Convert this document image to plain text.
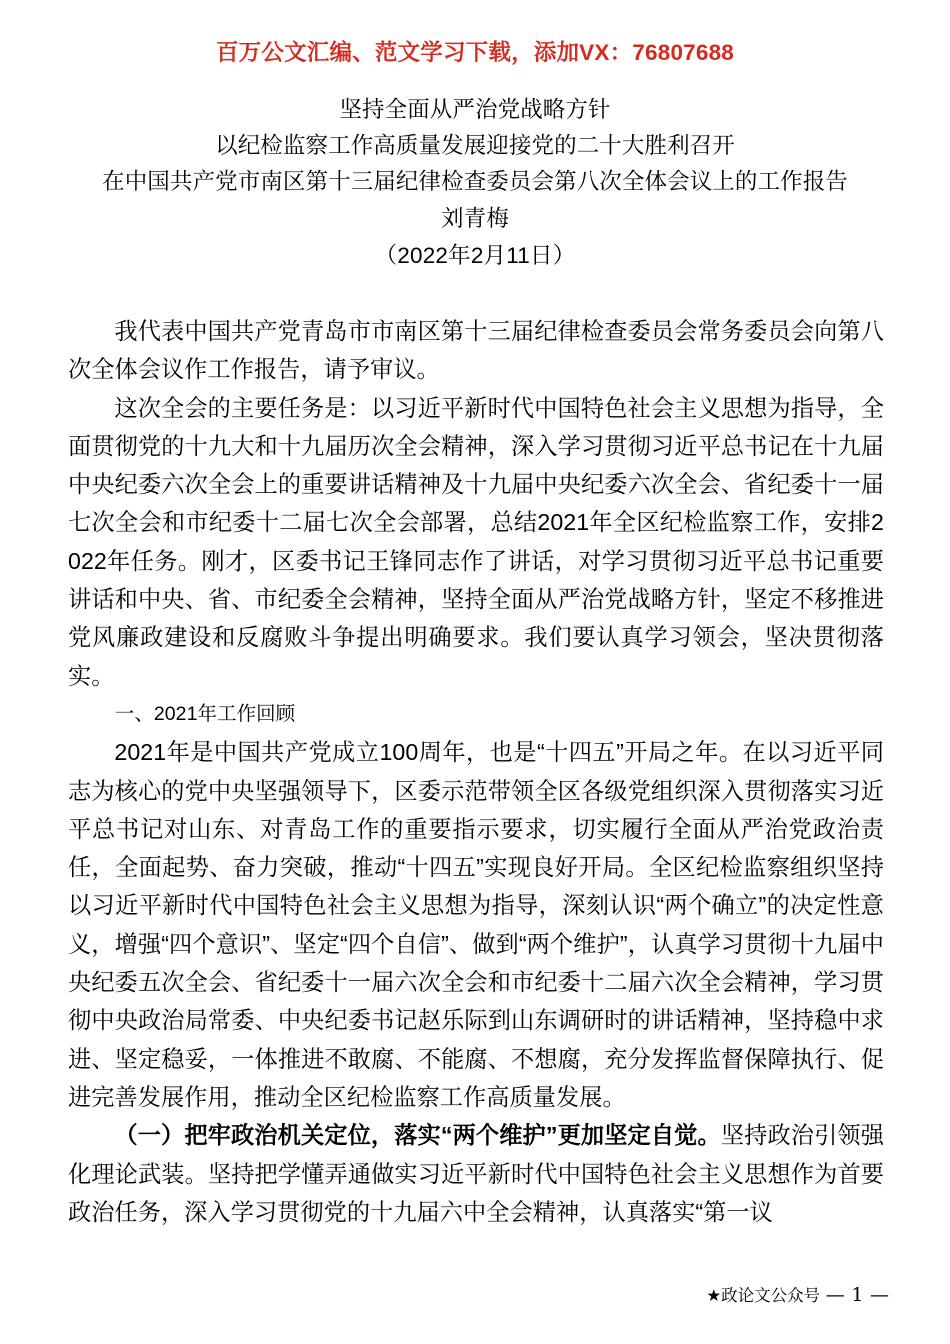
百万公文汇编、范文学习下载，添加VX：76807688
坚持全面从严治党战略方针
以纪检监察工作高质量发展迎接党的二十大胜利召开
在中国共产党市南区第十三届纪律检查委员会第八次全体会议上的工作报告
刘青梅
（2022年2月11日）

我代表中国共产党青岛市市南区第十三届纪律检查委员会常务委员会向第八次全体会议作工作报告，请予审议。

这次全会的主要任务是：以习近平新时代中国特色社会主义思想为指导，全面贯彻党的十九大和十九届历次全会精神，深入学习贯彻习近平总书记在十九届中央纪委六次全会上的重要讲话精神及十九届中央纪委六次全会、省纪委十一届七次全会和市纪委十二届七次全会部署，总结2021年全区纪检监察工作，安排2022年任务。刚才，区委书记王锋同志作了讲话，对学习贯彻习近平总书记重要讲话和中央、省、市纪委全会精神，坚持全面从严治党战略方针，坚定不移推进党风廉政建设和反腐败斗争提出明确要求。我们要认真学习领会，坚决贯彻落实。

一、2021年工作回顾

2021年是中国共产党成立100周年，也是“十四五”开局之年。在以习近平同志为核心的党中央坚强领导下，区委示范带领全区各级党组织深入贯彻落实习近平总书记对山东、对青岛工作的重要指示要求，切实履行全面从严治党政治责任，全面起势、奋力突破，推动“十四五”实现良好开局。全区纪检监察组织坚持以习近平新时代中国特色社会主义思想为指导，深刻认识“两个确立”的决定性意义，增强“四个意识”、坚定“四个自信”、做到“两个维护”，认真学习贯彻十九届中央纪委五次全会、省纪委十一届六次全会和市纪委十二届六次全会精神，学习贯彻中央政治局常委、中央纪委书记赵乐际到山东调研时的讲话精神，坚持稳中求进、坚定稳妥，一体推进不敢腐、不能腐、不想腐，充分发挥监督保障执行、促进完善发展作用，推动全区纪检监察工作高质量发展。

（一）把牢政治机关定位，落实“两个维护”更加坚定自觉。坚持政治引领强化理论武装。坚持把学懂弄通做实习近平新时代中国特色社会主义思想作为首要政治任务，深入学习贯彻党的十九届六中全会精神，认真落实“第一议

★政论文公众号 — 1 —
